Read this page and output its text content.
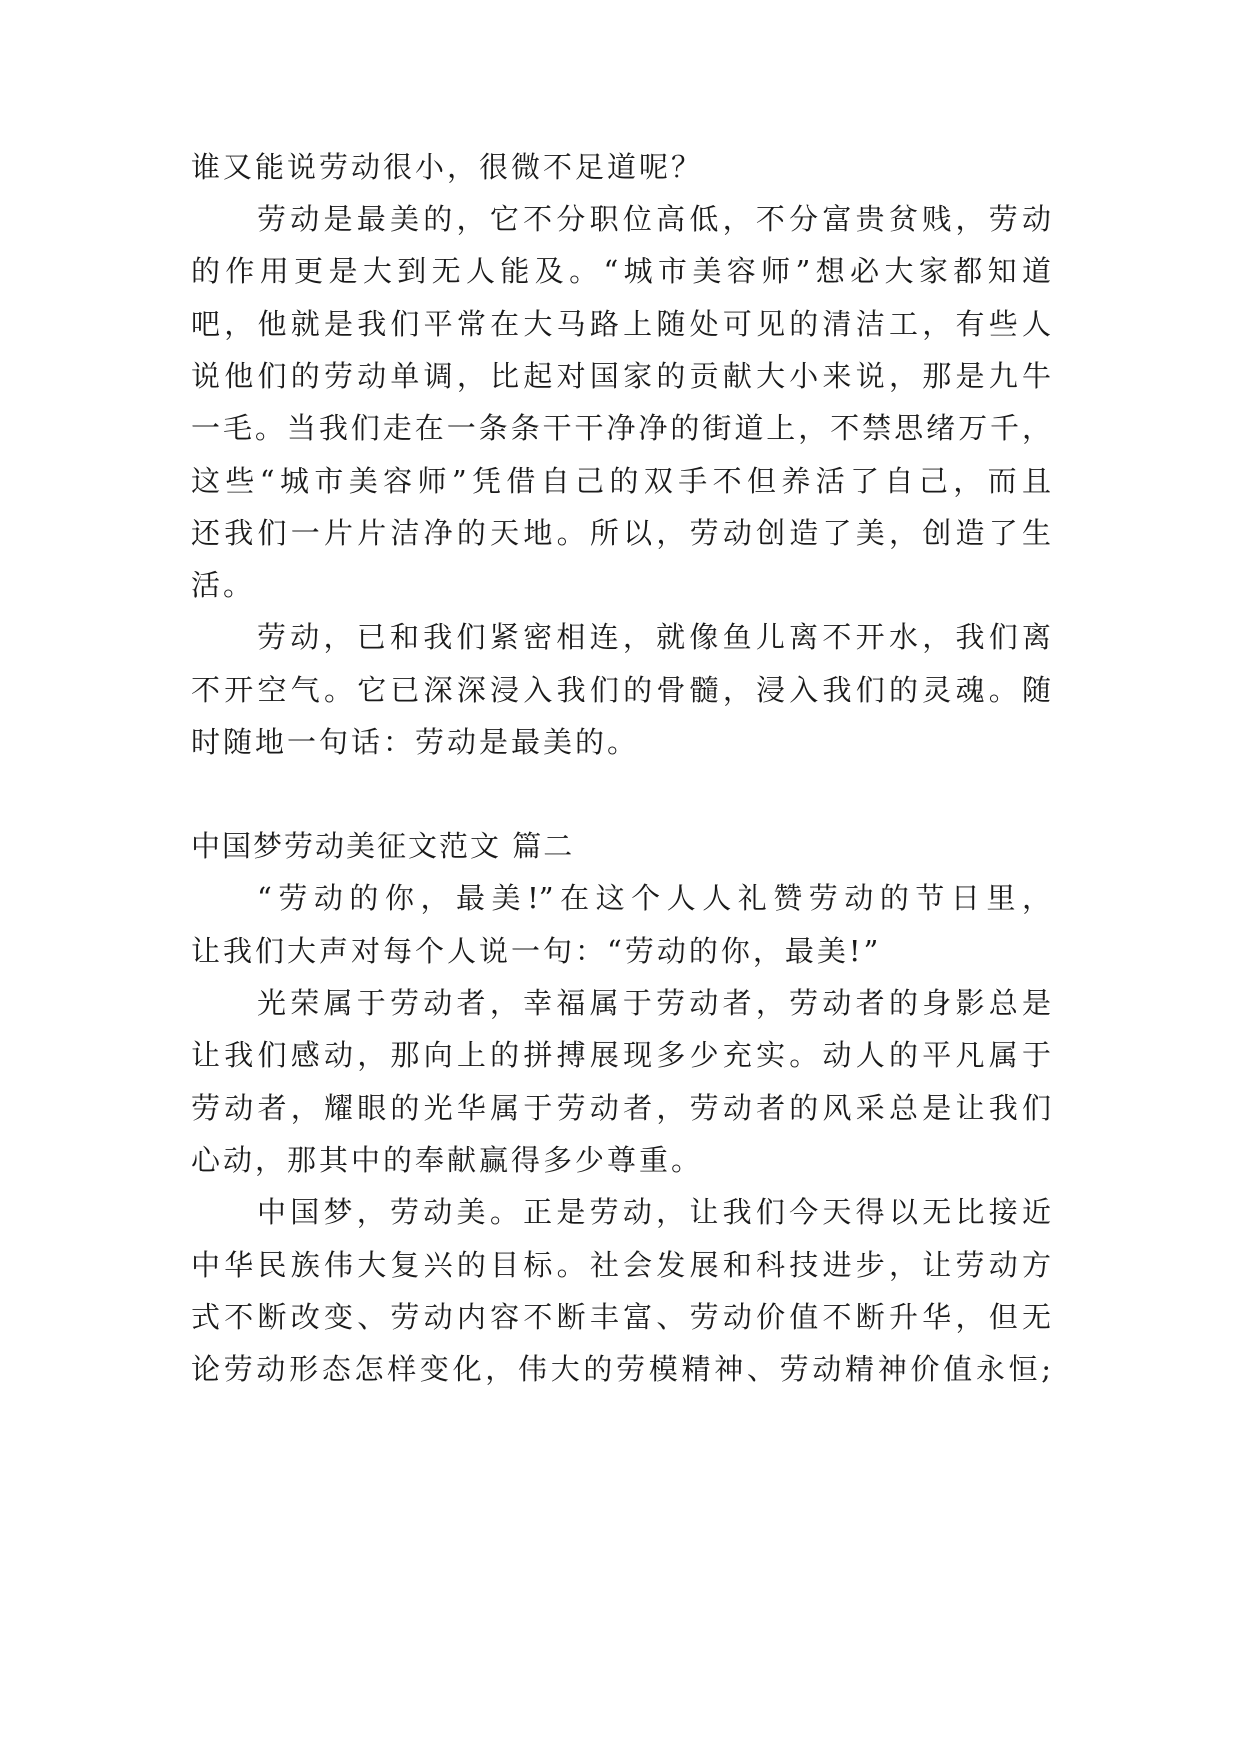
谁又能说劳动很小，很微不足道呢？
劳动是最美的，它不分职位高低，不分富贵贫贱，劳动
的作用更是大到无人能及。“城市美容师”想必大家都知道
吧，他就是我们平常在大马路上随处可见的清洁工，有些人
说他们的劳动单调，比起对国家的贡献大小来说，那是九牛
一毛。当我们走在一条条干干净净的街道上，不禁思绪万千，
这些“城市美容师”凭借自己的双手不但养活了自己，而且
还我们一片片洁净的天地。所以，劳动创造了美，创造了生
活。
劳动，已和我们紧密相连，就像鱼儿离不开水，我们离
不开空气。它已深深浸入我们的骨髓，浸入我们的灵魂。随
时随地一句话：劳动是最美的。
中国梦劳动美征文范文 篇二
“劳动的你，最美!”在这个人人礼赞劳动的节日里，
让我们大声对每个人说一句：“劳动的你，最美!”
光荣属于劳动者，幸福属于劳动者，劳动者的身影总是
让我们感动，那向上的拼搏展现多少充实。动人的平凡属于
劳动者，耀眼的光华属于劳动者，劳动者的风采总是让我们
心动，那其中的奉献赢得多少尊重。
中国梦，劳动美。正是劳动，让我们今天得以无比接近
中华民族伟大复兴的目标。社会发展和科技进步，让劳动方
式不断改变、劳动内容不断丰富、劳动价值不断升华，但无
论劳动形态怎样变化，伟大的劳模精神、劳动精神价值永恒;
